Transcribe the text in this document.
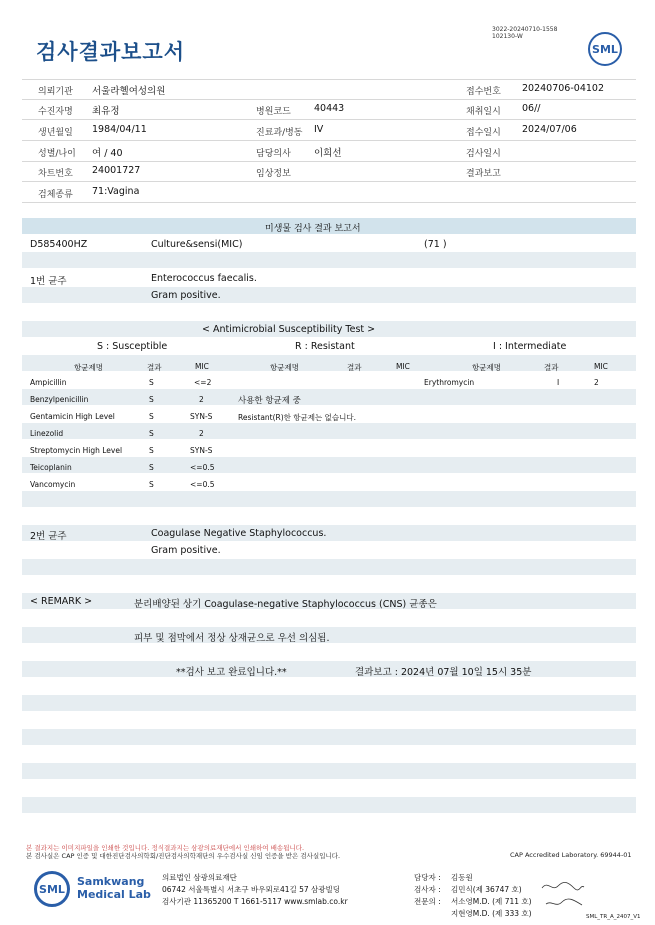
검사결과보고서
3022-20240710-1558
102130-W
SML
의뢰기관 서울라헬여성의원
수진자명 최유정
생년월일 1984/04/11
성별/나이 여 / 40
차트번호 24001727
검체종류 71:Vagina
병원코드 40443
진료과/병동 IV
담당의사 이희선
임상정보
접수번호 20240706-04102
채취일시 06//
접수일시 2024/07/06
검사일시
결과보고
미생물 검사 결과 보고서
D585400HZ	Culture&sensi(MIC)	(71 )
1번 균주	Enterococcus faecalis.
Gram positive.
< Antimicrobial Susceptibility Test >
S : Susceptible	R : Resistant	I : Intermediate
항균제명	결과	MIC	항균제명	결과	MIC	항균제명	결과	MIC
Ampicillin	S	<=2	Erythromycin	I	2
Benzylpenicillin	S	2	사용한 항균제 중
Gentamicin High Level	S	SYN-S	Resistant(R)한 항균제는 없습니다.
Linezolid	S	2
Streptomycin High Level	S	SYN-S
Teicoplanin	S	<=0.5
Vancomycin	S	<=0.5
2번 균주	Coagulase Negative Staphylococcus.
Gram positive.
< REMARK >	분리배양된 상기 Coagulase-negative Staphylococcus (CNS) 균종은
피부 및 점막에서 정상 상재균으로 우선 의심됨.
**검사 보고 완료입니다.**	결과보고 : 2024년 07월 10일 15시 35분
본 결과지는 이미지파일을 인쇄한 것입니다. 정식결과지는 삼광의료재단에서 인쇄하여 배송됩니다.
본 검사실은 CAP 인증 및 대한진단검사의학회/진단검사의학재단의 우수검사실 신임 인증을 받은 검사실입니다.	CAP Accredited Laboratory. 69944-01
SML
Samkwang
Medical Lab
의료법인 삼광의료재단
06742 서울특별시 서초구 바우뫼로41길 57 삼광빌딩
검사기관 11365200 T 1661-5117 www.smlab.co.kr
담당자 : 김동원
검사자 : 김민식(제 36747 호)
전문의 : 서소영M.D. (제 711 호)
지현영M.D. (제 333 호)	SML_TR_A_2407_V1
